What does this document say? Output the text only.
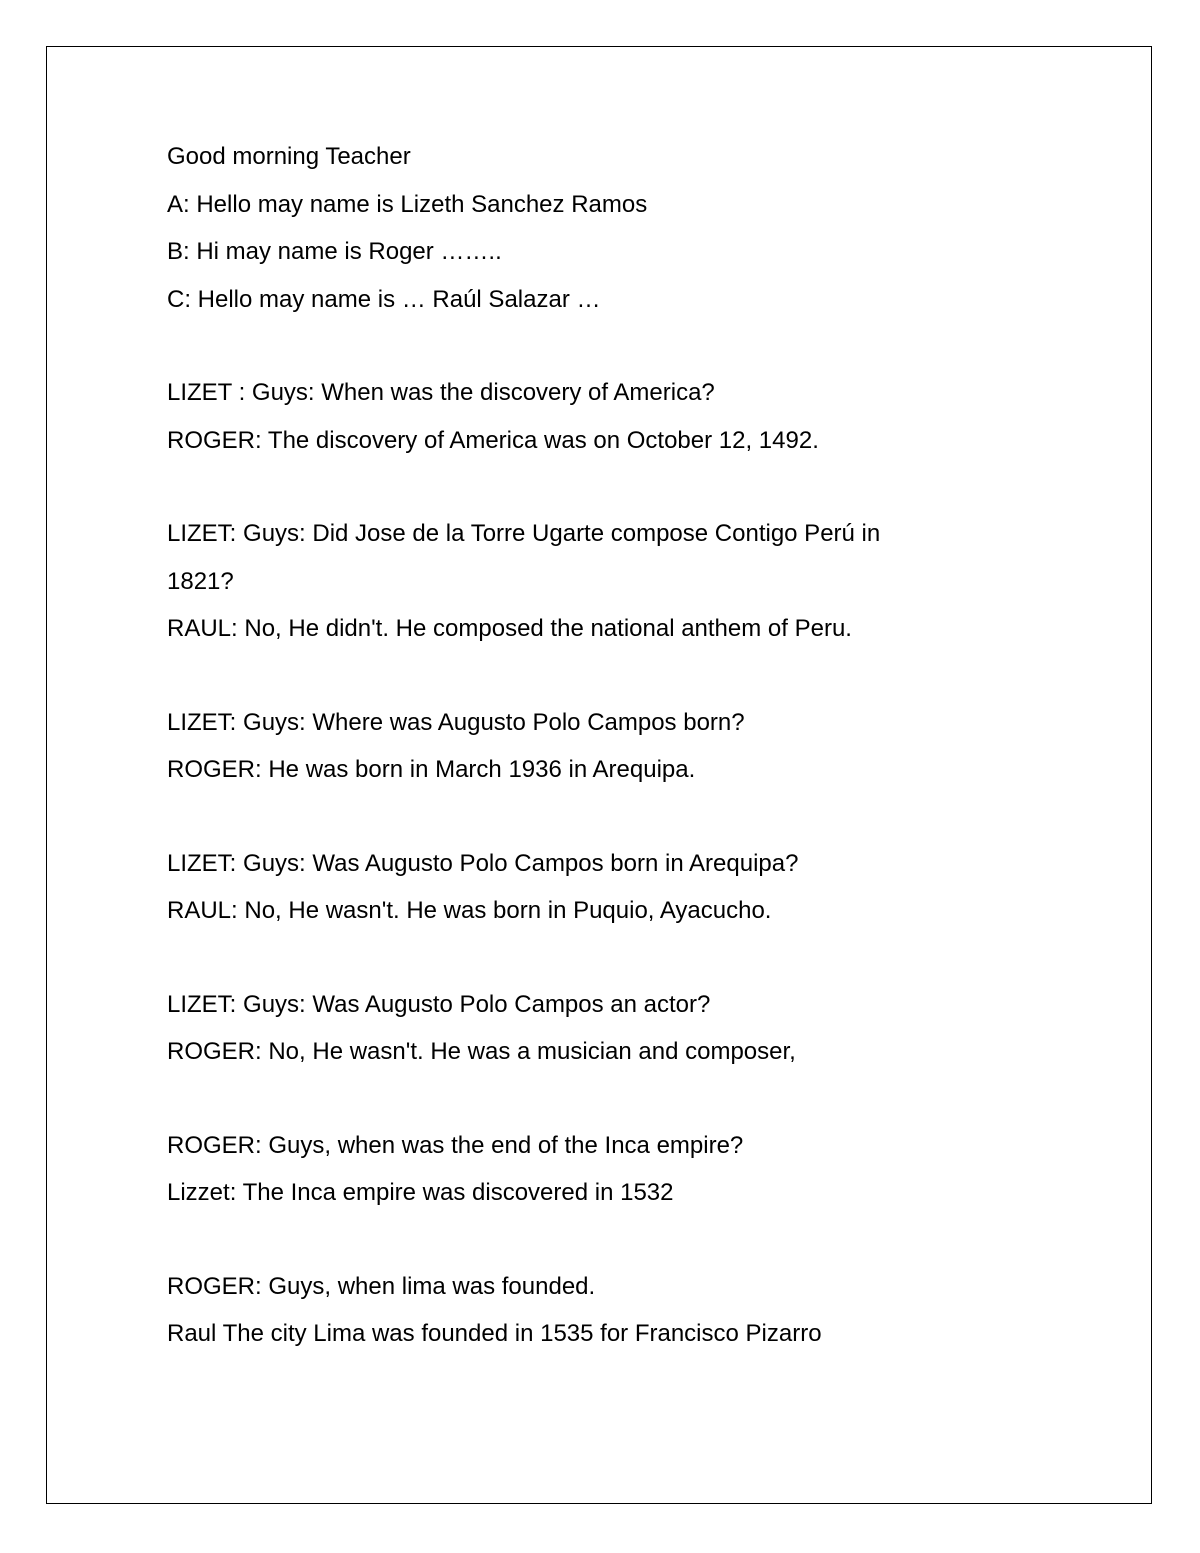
Good morning Teacher

A: Hello may name is Lizeth Sanchez Ramos

B: Hi may name is Roger ……..

C: Hello may name is … Raúl Salazar …

LIZET : Guys: When was the discovery of America?

ROGER: The discovery of America was on October 12, 1492.

LIZET: Guys: Did Jose de la Torre Ugarte compose Contigo Perú in

1821?

RAUL: No, He didn't. He composed the national anthem of Peru.

LIZET: Guys: Where was Augusto Polo Campos born?

ROGER: He was born in March 1936 in Arequipa.

LIZET: Guys: Was Augusto Polo Campos born in Arequipa?

RAUL: No, He wasn't. He was born in Puquio, Ayacucho.

LIZET: Guys: Was Augusto Polo Campos an actor?

ROGER: No, He wasn't. He was a musician and composer,

ROGER: Guys, when was the end of the Inca empire?

Lizzet: The Inca empire was discovered in 1532

ROGER: Guys, when lima was founded.

Raul The city Lima was founded in 1535 for Francisco Pizarro
